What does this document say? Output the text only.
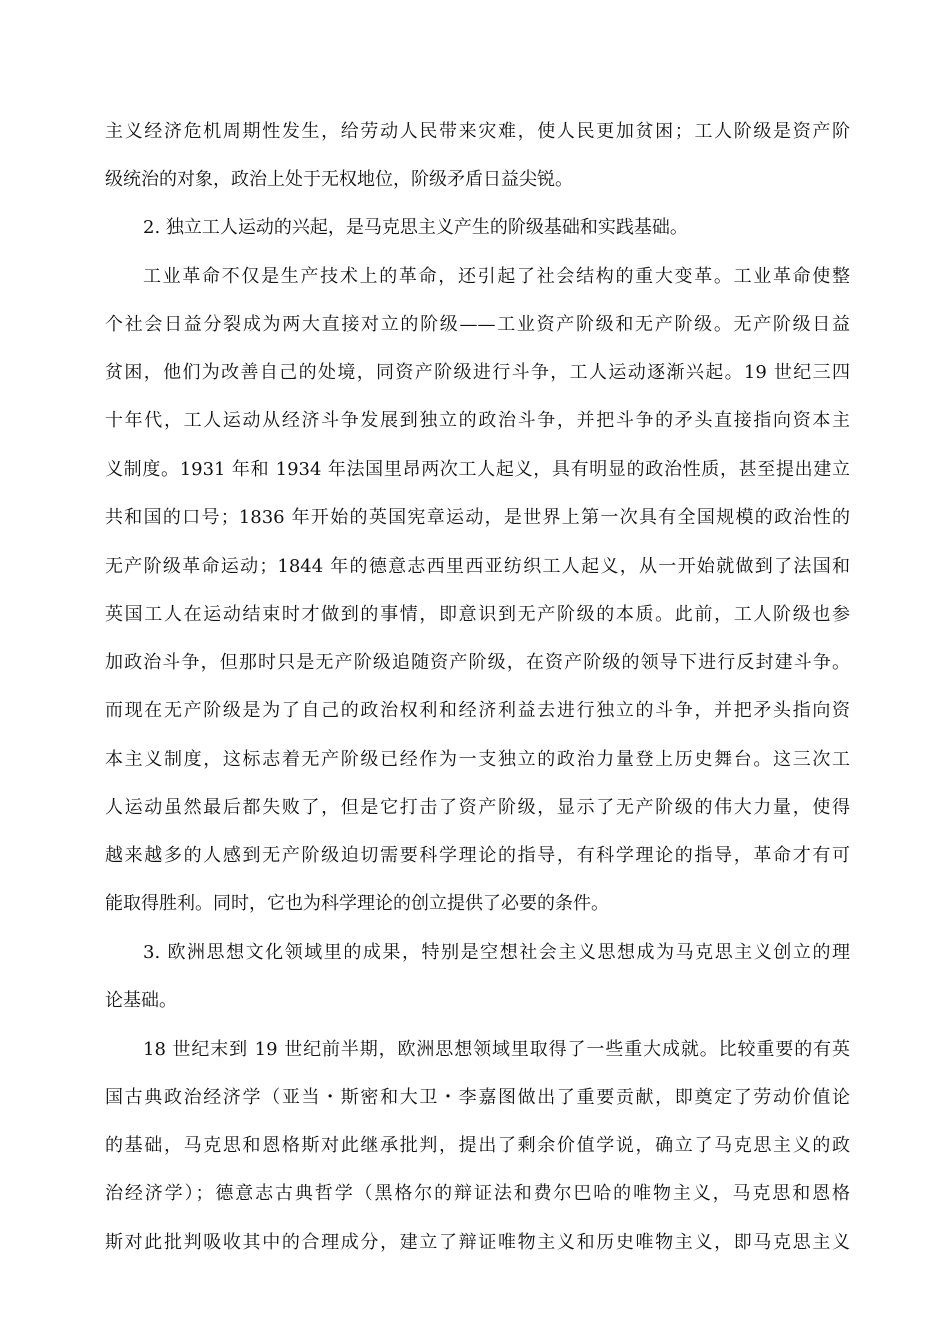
主义经济危机周期性发生，给劳动人民带来灾难，使人民更加贫困；工人阶级是资产阶
级统治的对象，政治上处于无权地位，阶级矛盾日益尖锐。
2. 独立工人运动的兴起，是马克思主义产生的阶级基础和实践基础。
工业革命不仅是生产技术上的革命，还引起了社会结构的重大变革。工业革命使整
个社会日益分裂成为两大直接对立的阶级——工业资产阶级和无产阶级。无产阶级日益
贫困，他们为改善自己的处境，同资产阶级进行斗争，工人运动逐渐兴起。19 世纪三四
十年代，工人运动从经济斗争发展到独立的政治斗争，并把斗争的矛头直接指向资本主
义制度。1931 年和 1934 年法国里昂两次工人起义，具有明显的政治性质，甚至提出建立
共和国的口号；1836 年开始的英国宪章运动，是世界上第一次具有全国规模的政治性的
无产阶级革命运动；1844 年的德意志西里西亚纺织工人起义，从一开始就做到了法国和
英国工人在运动结束时才做到的事情，即意识到无产阶级的本质。此前，工人阶级也参
加政治斗争，但那时只是无产阶级追随资产阶级，在资产阶级的领导下进行反封建斗争。
而现在无产阶级是为了自己的政治权利和经济利益去进行独立的斗争，并把矛头指向资
本主义制度，这标志着无产阶级已经作为一支独立的政治力量登上历史舞台。这三次工
人运动虽然最后都失败了，但是它打击了资产阶级，显示了无产阶级的伟大力量，使得
越来越多的人感到无产阶级迫切需要科学理论的指导，有科学理论的指导，革命才有可
能取得胜利。同时，它也为科学理论的创立提供了必要的条件。
3. 欧洲思想文化领域里的成果，特别是空想社会主义思想成为马克思主义创立的理
论基础。
18 世纪末到 19 世纪前半期，欧洲思想领域里取得了一些重大成就。比较重要的有英
国古典政治经济学（亚当・斯密和大卫・李嘉图做出了重要贡献，即奠定了劳动价值论
的基础，马克思和恩格斯对此继承批判，提出了剩余价值学说，确立了马克思主义的政
治经济学）；德意志古典哲学（黑格尔的辩证法和费尔巴哈的唯物主义，马克思和恩格
斯对此批判吸收其中的合理成分，建立了辩证唯物主义和历史唯物主义，即马克思主义
